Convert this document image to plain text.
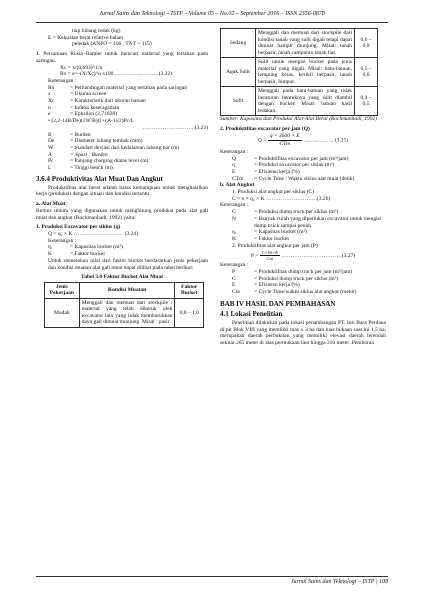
Jurnal Sains dan Teknologi – ISTP – Volume 05 – No.02 – September 2016 – ISSN 2356-0878

tiap lubang ledak (kg)

E = Kekuatan berat relative bahan

peledak (ANFO = 100 , TNT = 115)

1. Persamaan Rosin–Ramler untuk mencari material yang tertahan pada saringan.

Xc = x/(0,693)^1/n

Rx = e^–(X/Xc)^n x100 ……………………(3.22)

Keterangan :

Rx	= Perbandingan material yang tertahan pada saringan
x	= Ukuran screen
Xc	= Karakteristik dari ukuran batuan
n	= Indeks keseragaman
e	= Ephsilon (2,71828)

• (2,2-14B/De)(1W/B)(1+(A-1)/2)Pc/L

………………………..(3.23)

B	= Burden
De	= Diameter lubang tembak (mm)
W	= Standart deviasi dari kedalaman lubang bor (m)
A	= Spasi : Burden
Pc	= Panjang charging diatas level (m)
L	= Tinggi bench (m)
3.6.4 Produktivitas Alat Muat Dan Angkut

Produktifitas alat berat adalah batas kemampuan untuk menghasilkan kerja (produksi) dengan situasi dan kondisi tertentu .

a. Alat Muat

Rumus umum yang digunakan untuk menghitung produksi pada alat gali muat dan angkut (Rochmanhadi, 1992) yaitu:

1. Produksi Excavator per siklus (q)

Q = q₁ × K ……………………… (3.24)

Keterangan :

q₁	= Kapasitas bucket (m³)
K	= Faktor bucket

Untuk menetukan nilai dari faktor bucket berdasarkan jenis pekerjaan dan kondisi muatan alat gali muat dapat dilihat pada tabel berikut:

Tabel 3.6 Faktor Bucket Alat Muat
Jenis Pekerjaan	Kondisi Muatan	Faktor Bucket
Mudah	Menggali dan memuat dari stockpile / material yang telah dikeruk oleh excavator lain yang tidak membutuhkan daya gali dimuat munjung. Misal : pasir.	0,8 – 1,0
Sedang	Menggali dan memuat dari stockpile dari kondisi tanah yang sulit digali tetapi dapat dimuat hampir munjung. Misal: tanah berpasir, tanah campuran tanah liat.	0,6 – 0,8
Agak Sulit	Sulit untuk mengisi bucket pada jenis material yang digali. Misal: batu-batuan, lempung keras, kerikil berpasir, tanah berpasir, lumpur.	0,5 – 0,6
Sulit	Menggali pada batu-batuan yang tidak beraturan bentuknya yang sulit diambil dengan bucket. Misal: batuan hasil ledakan.	0,4 – 0,5

Sumber: Kapasitas dan Produksi Alat-Alat Berat (Rochmanhadi, 1992)

2. Produktifitas excavator per jam (Q)

$Q = \frac{q \times 3600 \times E}{\text{CTm}}$ …………….. (3.25)

Keterangan :

Q	= Produktifitas excavator per jam (m³/jam)
q	= Produksi excavator per siklus (m³)
E	= Efisiensi kerja (%)
CTm	= Cycle Time / Waktu siklus alat muat (detik)

b. Alat Angkut

1. Produksi alat angkut per siklus (C)

C = n × q₁ × K ……………………….(3.26)

Keterangan :

C	= Produksi dump truck per siklus (m³)
N	= Banyak curah yang diperlukan excavator untuk mengisi dump truck sampai penuh
q₁	= Kapasitas bucket (m³)
K	= Faktor bucket

2. Produktifitas alat angkut per jam (P)

$P = \frac{C\times 60\times E}{\text{Cta}}$ ……………………………(3.27)

Keterangan :

P	= Produktifitas dump truck per jam (m³/jam)
C	= Produksi dump truck per siklus (m³)
E	= Efisiensi kerja (%)
Cta	= Cycle Time/waktu siklus alat angkut (menit)
BAB IV HASIL DAN PEMBAHASAN
4.1 Lokasi Penelitian

Penelitian dilakukan pada lokasi penambangan PT. Inti Bara Perdana di pit Blok VIII yang memiliki luas ± 3 ha dan luas bukaan saat ini 1,5 ha, merupakan daerah perbukitan yang memiliki elevasi daerah terendah sekitar 265 meter di atas permukaan laut hingga 310 meter .Pemboran

Jurnal Sains dan Teknologi – ISTP | 108
